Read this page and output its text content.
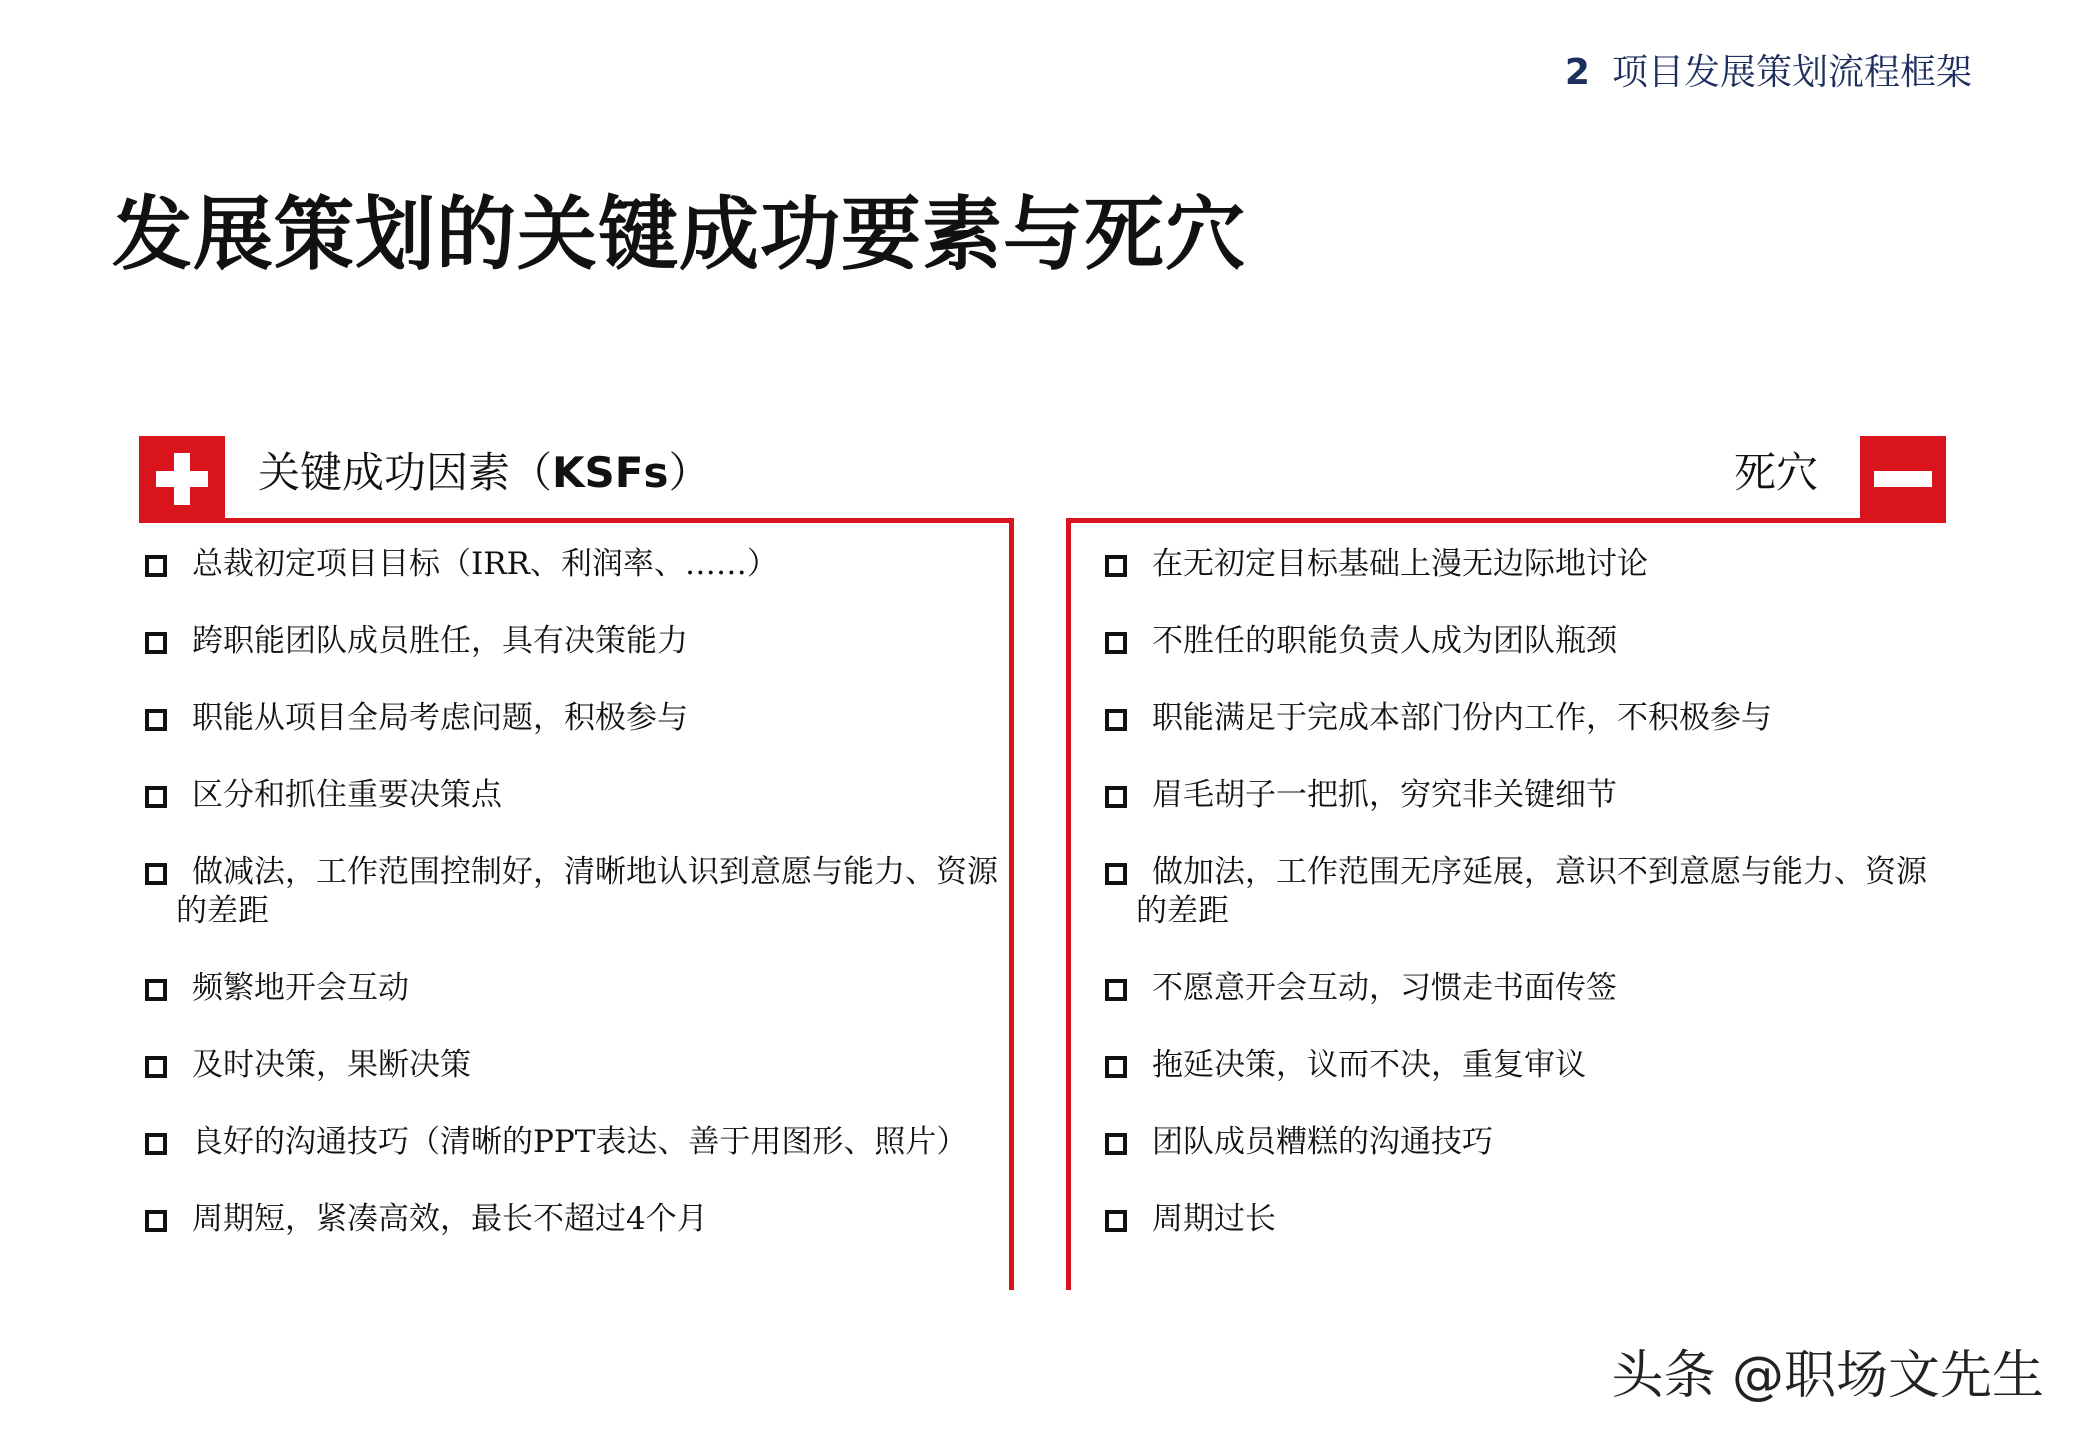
2 项目发展策划流程框架
发展策划的关键成功要素与死穴
关键成功因素（KSFs）	死穴
总裁初定项目目标（IRR、利润率、……）
跨职能团队成员胜任，具有决策能力
职能从项目全局考虑问题，积极参与
区分和抓住重要决策点
做减法，工作范围控制好，清晰地认识到意愿与能力、资源的差距
频繁地开会互动
及时决策，果断决策
良好的沟通技巧（清晰的PPT表达、善于用图形、照片）
周期短，紧凑高效，最长不超过4个月
在无初定目标基础上漫无边际地讨论
不胜任的职能负责人成为团队瓶颈
职能满足于完成本部门份内工作，不积极参与
眉毛胡子一把抓，穷究非关键细节
做加法，工作范围无序延展，意识不到意愿与能力、资源的差距
不愿意开会互动，习惯走书面传签
拖延决策，议而不决，重复审议
团队成员糟糕的沟通技巧
周期过长
头条 @职场文先生
